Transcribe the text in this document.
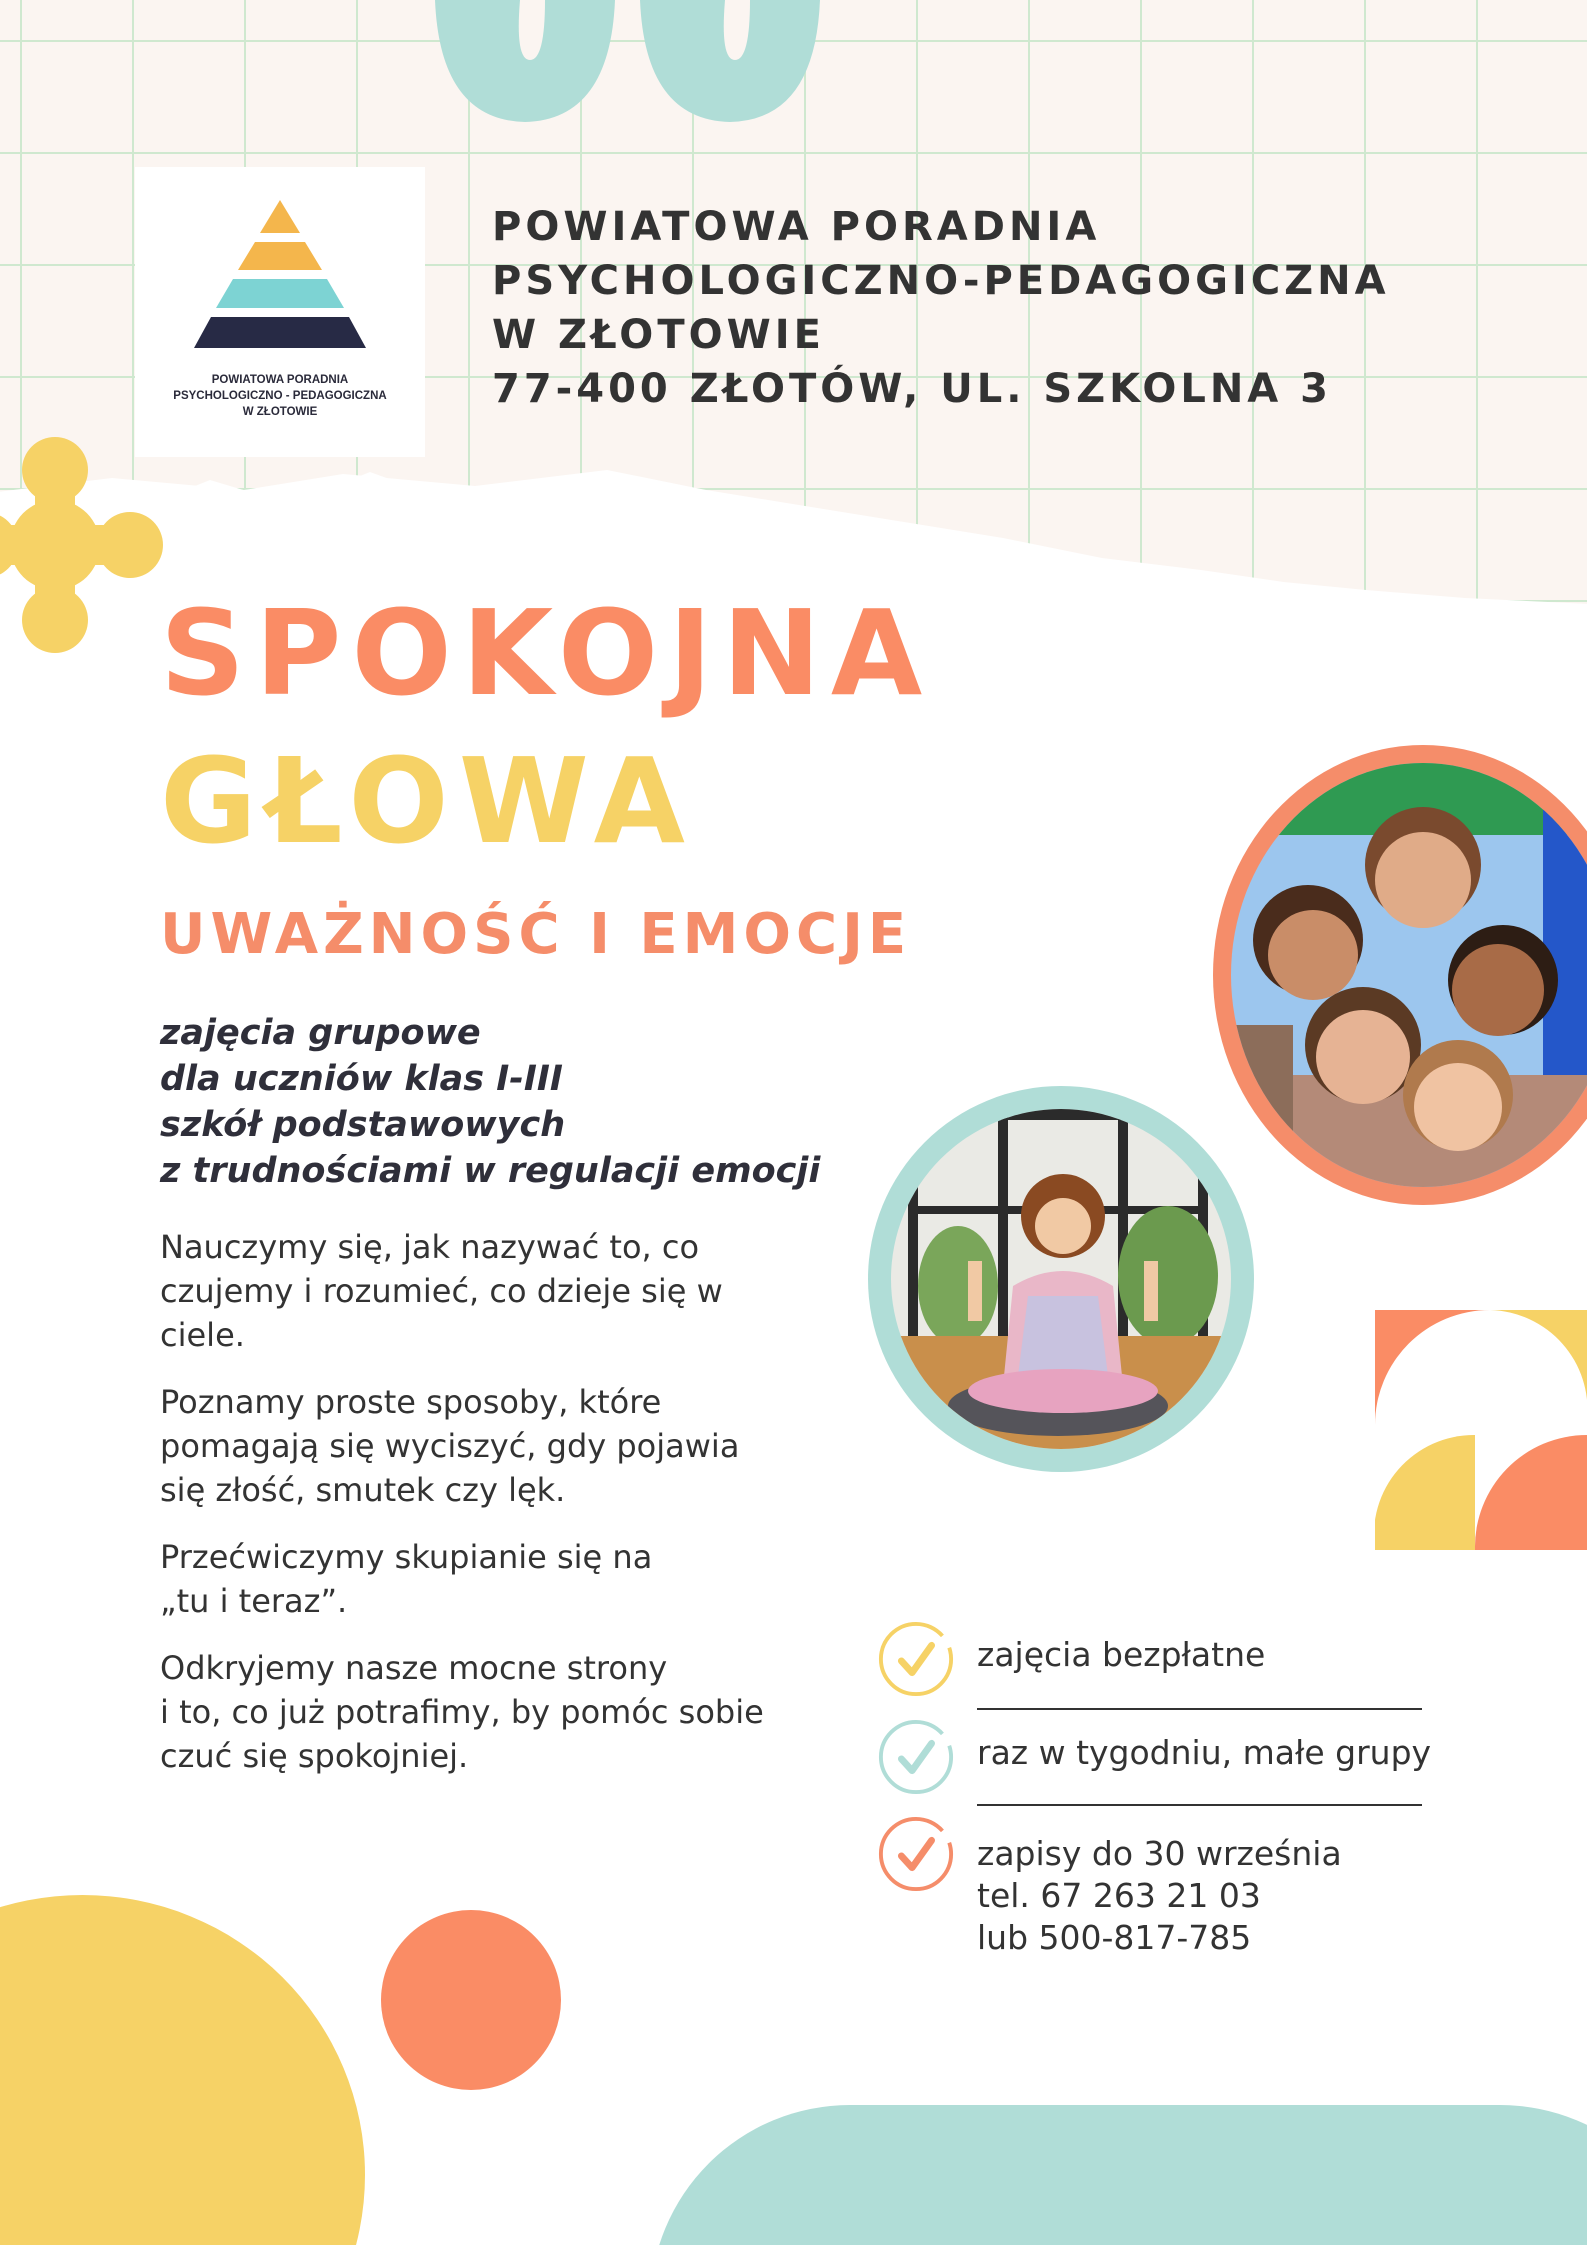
POWIATOWA PORADNIA
PSYCHOLOGICZNO - PEDAGOGICZNA
W ZŁOTOWIE
POWIATOWA PORADNIA
PSYCHOLOGICZNO-PEDAGOGICZNA
W ZŁOTOWIE
77-400 ZŁOTÓW, UL. SZKOLNA 3
SPOKOJNA
GŁOWA
UWAŻNOŚĆ I EMOCJE
zajęcia grupowe
dla uczniów klas I-III
szkół podstawowych
z trudnościami w regulacji emocji
Nauczymy się, jak nazywać to, co
czujemy i rozumieć, co dzieje się w
ciele.
Poznamy proste sposoby, które
pomagają się wyciszyć, gdy pojawia
się złość, smutek czy lęk.
Przećwiczymy skupianie się na
„tu i teraz”.
Odkryjemy nasze mocne strony
i to, co już potrafimy, by pomóc sobie
czuć się spokojniej.
zajęcia bezpłatne
raz w tygodniu, małe grupy
zapisy do 30 września
tel. 67 263 21 03
lub 500-817-785
